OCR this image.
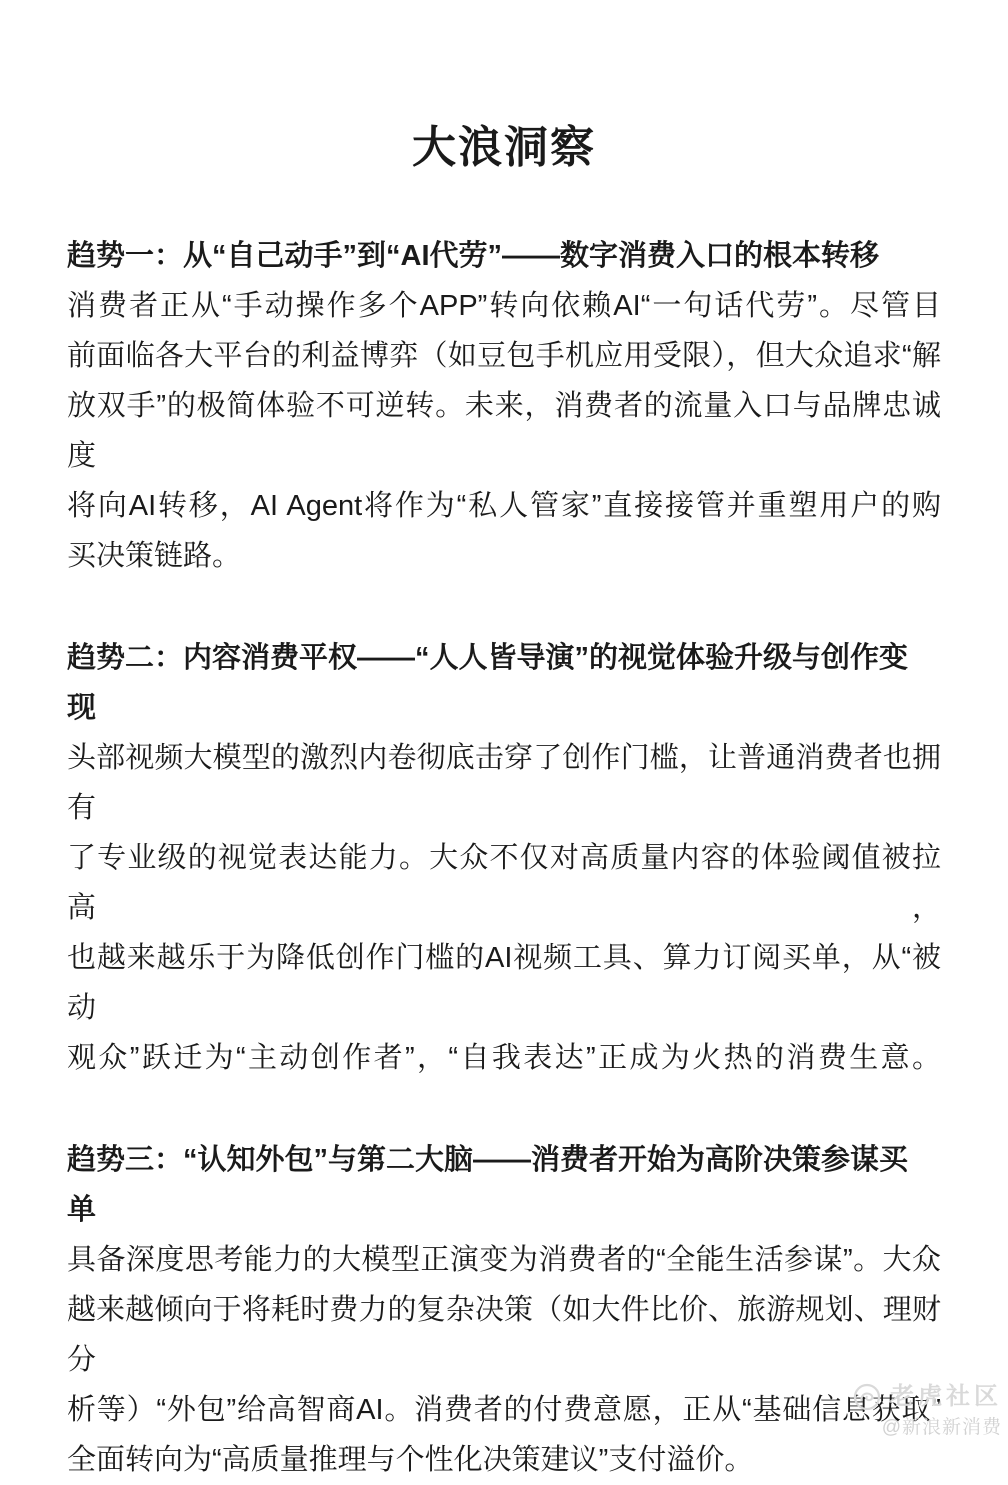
大浪洞察
趋势一：从“自己动手”到“AI代劳”——数字消费入口的根本转移
消费者正从“手动操作多个APP”转向依赖AI“一句话代劳”。尽管目
前面临各大平台的利益博弈（如豆包手机应用受限），但大众追求“解
放双手”的极简体验不可逆转。未来，消费者的流量入口与品牌忠诚度
将向AI转移，AI Agent将作为“私人管家”直接接管并重塑用户的购
买决策链路。
趋势二：内容消费平权——“人人皆导演”的视觉体验升级与创作变
现
头部视频大模型的激烈内卷彻底击穿了创作门槛，让普通消费者也拥有
了专业级的视觉表达能力。大众不仅对高质量内容的体验阈值被拉高，
也越来越乐于为降低创作门槛的AI视频工具、算力订阅买单，从“被动
观众”跃迁为“主动创作者”，“自我表达”正成为火热的消费生意。
趋势三：“认知外包”与第二大脑——消费者开始为高阶决策参谋买
单
具备深度思考能力的大模型正演变为消费者的“全能生活参谋”。大众
越来越倾向于将耗时费力的复杂决策（如大件比价、旅游规划、理财分
析等）“外包”给高智商AI。消费者的付费意愿，正从“基础信息获取”
全面转向为“高质量推理与个性化决策建议”支付溢价。
老虎社区
@新浪新消费
